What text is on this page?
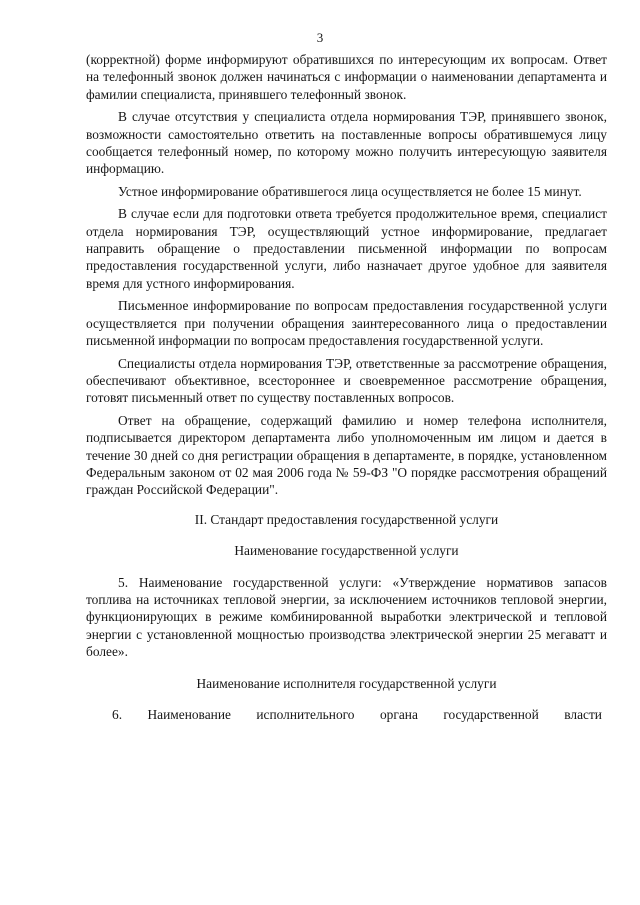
3

(корректной) форме информируют обратившихся по интересующим их вопросам. Ответ на телефонный звонок должен начинаться с информации о наименовании департамента и фамилии специалиста, принявшего телефонный звонок.

В случае отсутствия у специалиста отдела нормирования ТЭР, принявшего звонок, возможности самостоятельно ответить на поставленные вопросы обратившемуся лицу сообщается телефонный номер, по которому можно получить интересующую заявителя информацию.

Устное информирование обратившегося лица осуществляется не более 15 минут.

В случае если для подготовки ответа требуется продолжительное время, специалист отдела нормирования ТЭР, осуществляющий устное информирование, предлагает направить обращение о предоставлении письменной информации по вопросам предоставления государственной услуги, либо назначает другое удобное для заявителя время для устного информирования.

Письменное информирование по вопросам предоставления государственной услуги осуществляется при получении обращения заинтересованного лица о предоставлении письменной информации по вопросам предоставления государственной услуги.

Специалисты отдела нормирования ТЭР, ответственные за рассмотрение обращения, обеспечивают объективное, всестороннее и своевременное рассмотрение обращения, готовят письменный ответ по существу поставленных вопросов.

Ответ на обращение, содержащий фамилию и номер телефона исполнителя, подписывается директором департамента либо уполномоченным им лицом и дается в течение 30 дней со дня регистрации обращения в департаменте, в порядке, установленном Федеральным законом от 02 мая 2006 года № 59-ФЗ "О порядке рассмотрения обращений граждан Российской Федерации".

II. Стандарт предоставления государственной услуги

Наименование государственной услуги

5. Наименование государственной услуги: «Утверждение нормативов запасов топлива на источниках тепловой энергии, за исключением источников тепловой энергии, функционирующих в режиме комбинированной выработки электрической и тепловой энергии с установленной мощностью производства электрической энергии 25 мегаватт и более».

Наименование исполнителя государственной услуги

6. Наименование исполнительного органа государственной власти
